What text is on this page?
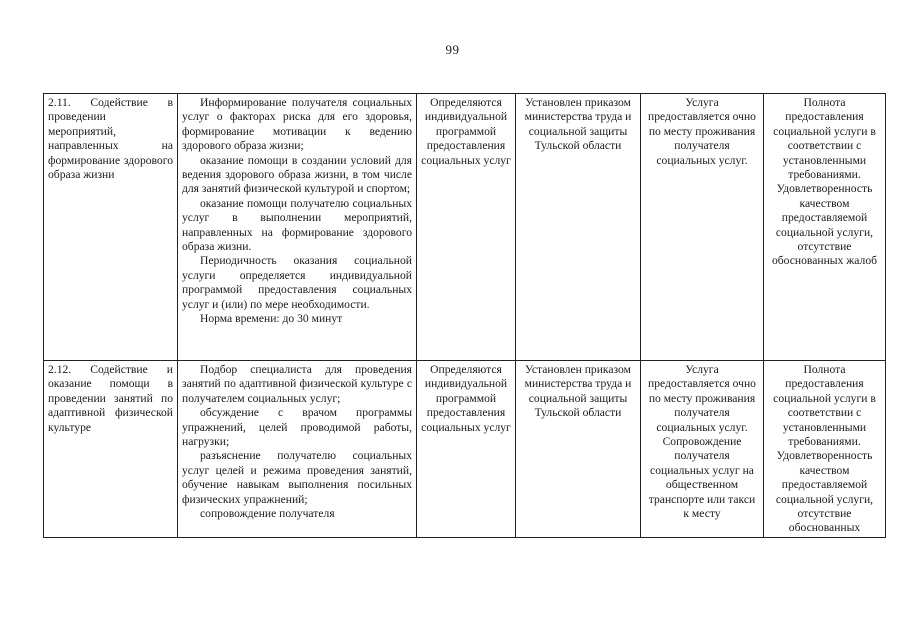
99
2.11. Содействие в проведении мероприятий, направленных на формирование здорового образа жизни	Информирование получателя социальных услуг о факторах риска для его здоровья, формирование мотивации к ведению здорового образа жизни;

оказание помощи в создании условий для ведения здорового образа жизни, в том числе для занятий физической культурой и спортом;

оказание помощи получателю социальных услуг в выполнении мероприятий, направленных на формирование здорового образа жизни.

Периодичность оказания социальной услуги определяется индивидуальной программой предоставления социальных услуг и (или) по мере необходимости.

Норма времени: до 30 минут	Определяются индивидуальной программой предоставления социальных услуг	Установлен приказом министерства труда и социальной защиты Тульской области	Услуга предоставляется очно по месту проживания получателя социальных услуг.	Полнота предоставления социальной услуги в соответствии с установленными требованиями. Удовлетворенность качеством предоставляемой социальной услуги, отсутствие обоснованных жалоб
2.12. Содействие и оказание помощи в проведении занятий по адаптивной физической культуре	Подбор специалиста для проведения занятий по адаптивной физической культуре с получателем социальных услуг;

обсуждение с врачом программы упражнений, целей проводимой работы, нагрузки;

разъяснение получателю социальных услуг целей и режима проведения занятий, обучение навыкам выполнения посильных физических упражнений;

сопровождение получателя	Определяются индивидуальной программой предоставления социальных услуг	Установлен приказом министерства труда и социальной защиты Тульской области	Услуга предоставляется очно по месту проживания получателя социальных услуг. Сопровождение получателя социальных услуг на общественном транспорте или такси к месту	Полнота предоставления социальной услуги в соответствии с установленными требованиями. Удовлетворенность качеством предоставляемой социальной услуги, отсутствие обоснованных
